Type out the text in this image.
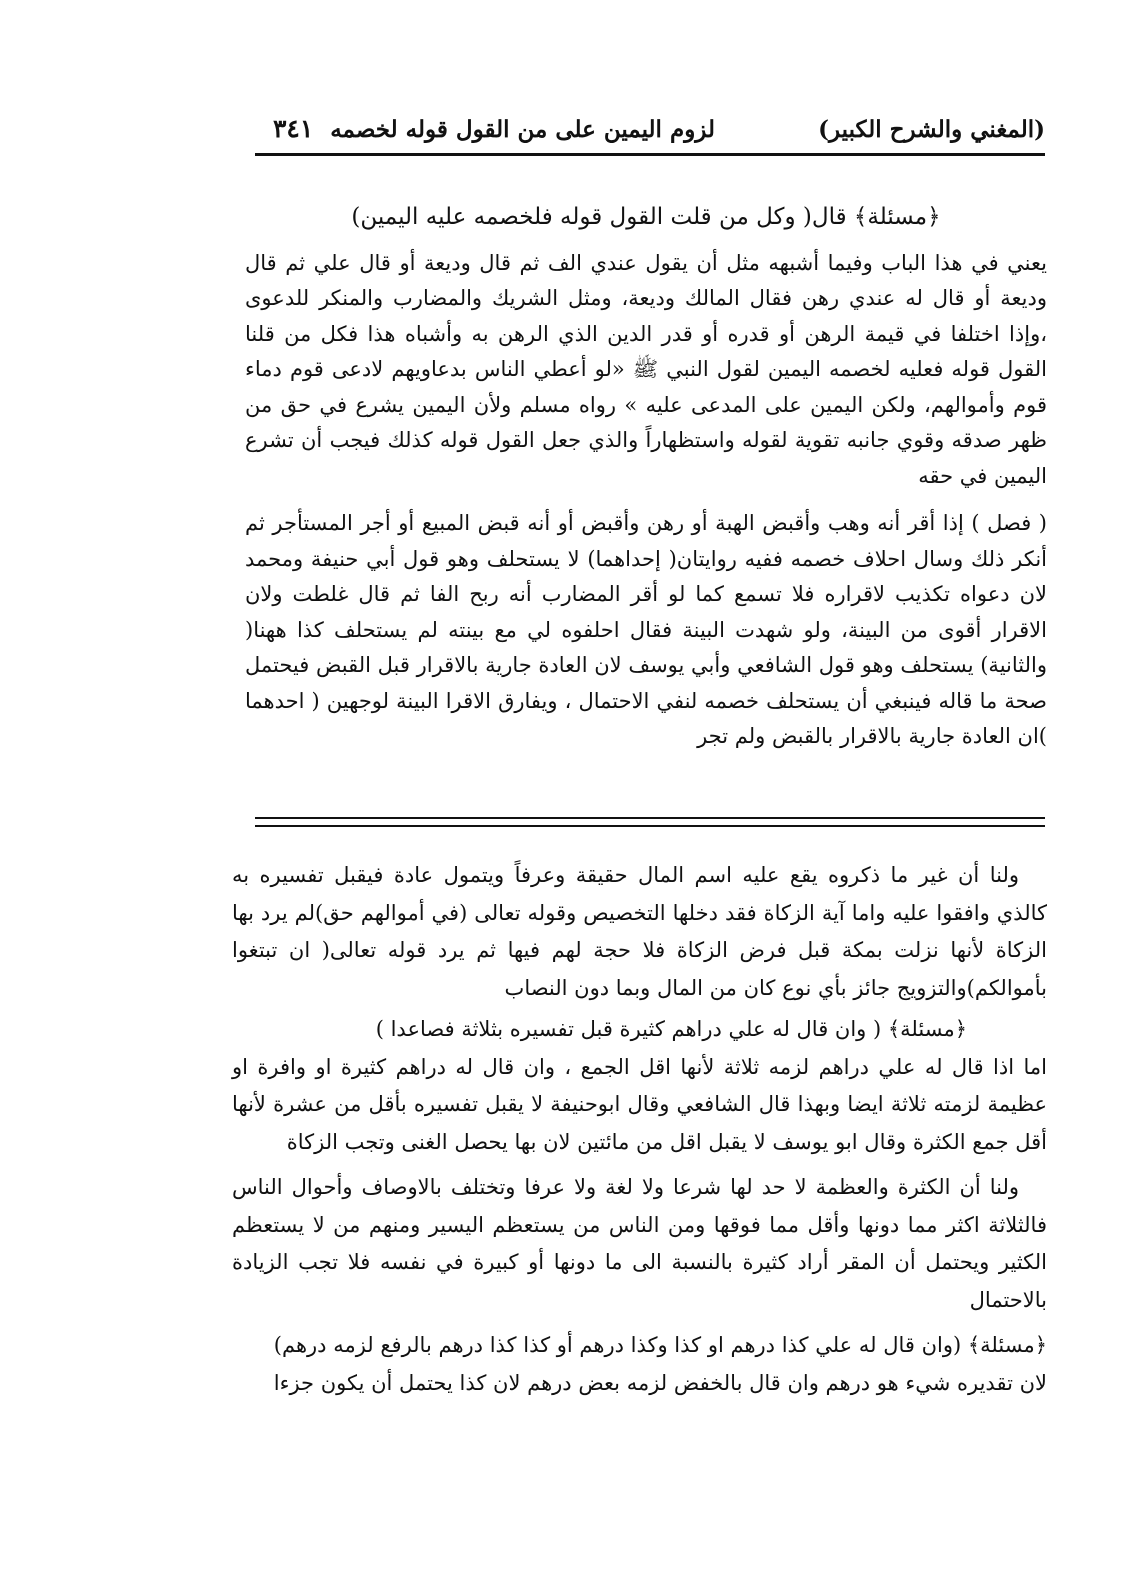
(المغني والشرح الكبير)
لزوم اليمين على من القول قوله لخصمه
٣٤١

﴿مسئلة﴾ قال( وكل من قلت القول قوله فلخصمه عليه اليمين)

يعني في هذا الباب وفيما أشبهه مثل أن يقول عندي الف ثم قال وديعة أو قال علي ثم قال وديعة أو قال له عندي رهن فقال المالك وديعة، ومثل الشريك والمضارب والمنكر للدعوى ،وإذا اختلفا في قيمة الرهن أو قدره أو قدر الدين الذي الرهن به وأشباه هذا فكل من قلنا القول قوله فعليه لخصمه اليمين لقول النبي ﷺ «لو أعطي الناس بدعاويهم لادعى قوم دماء قوم وأموالهم، ولكن اليمين على المدعى عليه » رواه مسلم ولأن اليمين يشرع في حق من ظهر صدقه وقوي جانبه تقوية لقوله واستظهاراً والذي جعل القول قوله كذلك فيجب أن تشرع اليمين في حقه

( فصل ) إذا أقر أنه وهب وأقبض الهبة أو رهن وأقبض أو أنه قبض المبيع أو أجر المستأجر ثم أنكر ذلك وسال احلاف خصمه ففيه روايتان( إحداهما) لا يستحلف وهو قول أبي حنيفة ومحمد لان دعواه تكذيب لاقراره فلا تسمع كما لو أقر المضارب أنه ربح الفا ثم قال غلطت ولان الاقرار أقوى من البينة، ولو شهدت البينة فقال احلفوه لي مع بينته لم يستحلف كذا ههنا( والثانية) يستحلف وهو قول الشافعي وأبي يوسف لان العادة جارية بالاقرار قبل القبض فيحتمل صحة ما قاله فينبغي أن يستحلف خصمه لنفي الاحتمال ، ويفارق الاقرا البينة لوجهين ( احدهما )ان العادة جارية بالاقرار بالقبض ولم تجر

ولنا أن غير ما ذكروه يقع عليه اسم المال حقيقة وعرفاً ويتمول عادة فيقبل تفسيره به كالذي وافقوا عليه واما آية الزكاة فقد دخلها التخصيص وقوله تعالى (في أموالهم حق)لم يرد بها الزكاة لأنها نزلت بمكة قبل فرض الزكاة فلا حجة لهم فيها ثم يرد قوله تعالى( ان تبتغوا بأموالكم)والتزويج جائز بأي نوع كان من المال وبما دون النصاب

﴿مسئلة﴾ ( وان قال له علي دراهم كثيرة قبل تفسيره بثلاثة فصاعدا )

اما اذا قال له علي دراهم لزمه ثلاثة لأنها اقل الجمع ، وان قال له دراهم كثيرة او وافرة او عظيمة لزمته ثلاثة ايضا وبهذا قال الشافعي وقال ابوحنيفة لا يقبل تفسيره بأقل من عشرة لأنها أقل جمع الكثرة وقال ابو يوسف لا يقبل اقل من مائتين لان بها يحصل الغنى وتجب الزكاة

ولنا أن الكثرة والعظمة لا حد لها شرعا ولا لغة ولا عرفا وتختلف بالاوصاف وأحوال الناس فالثلاثة اكثر مما دونها وأقل مما فوقها ومن الناس من يستعظم اليسير ومنهم من لا يستعظم الكثير ويحتمل أن المقر أراد كثيرة بالنسبة الى ما دونها أو كبيرة في نفسه فلا تجب الزيادة بالاحتمال

﴿مسئلة﴾ (وان قال له علي كذا درهم او كذا وكذا درهم أو كذا كذا درهم بالرفع لزمه درهم)

لان تقديره شيء هو درهم وان قال بالخفض لزمه بعض درهم لان كذا يحتمل أن يكون جزءا
